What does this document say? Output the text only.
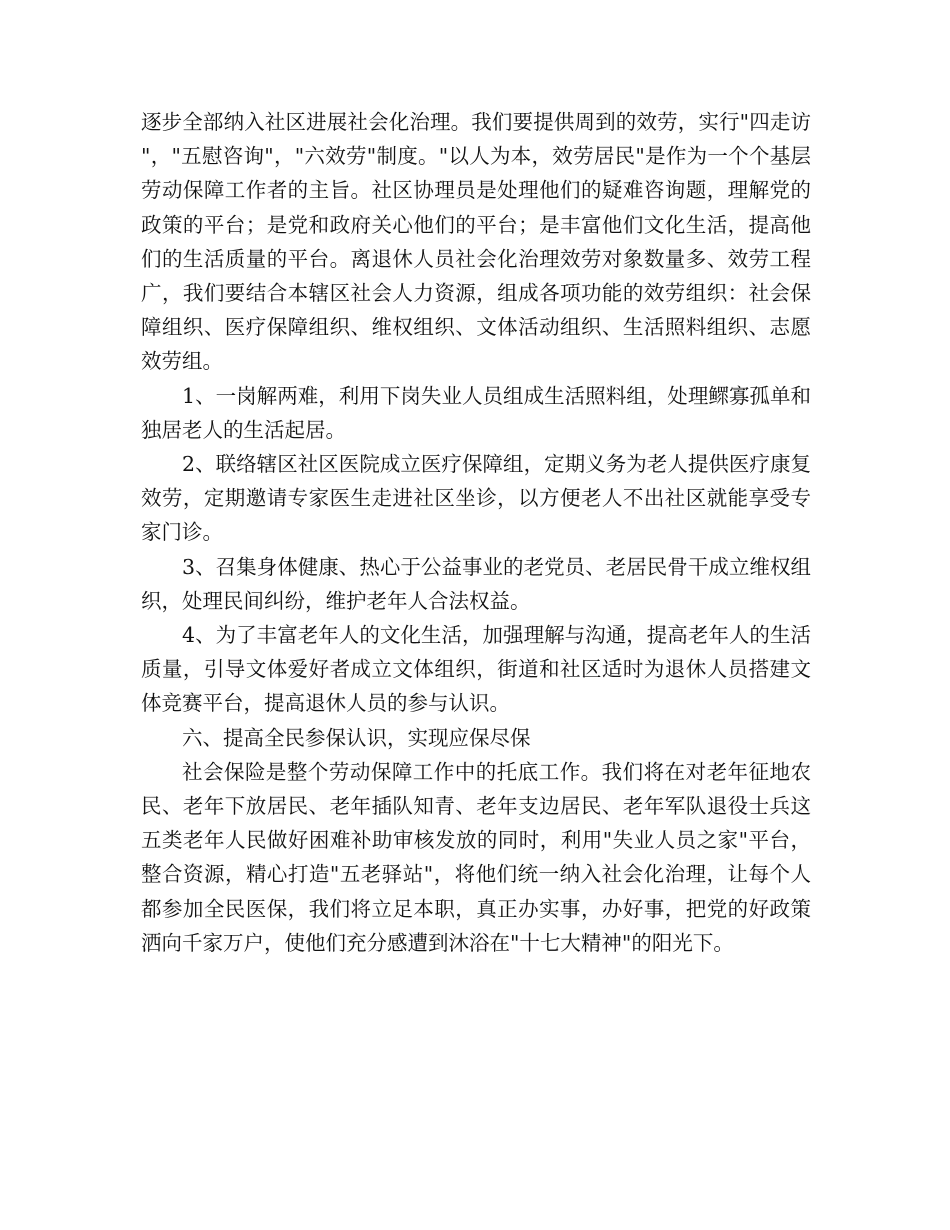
逐步全部纳入社区进展社会化治理。我们要提供周到的效劳，实行"四走访"，"五慰咨询"，"六效劳"制度。"以人为本，效劳居民"是作为一个个基层劳动保障工作者的主旨。社区协理员是处理他们的疑难咨询题，理解党的政策的平台；是党和政府关心他们的平台；是丰富他们文化生活，提高他们的生活质量的平台。离退休人员社会化治理效劳对象数量多、效劳工程广，我们要结合本辖区社会人力资源，组成各项功能的效劳组织：社会保障组织、医疗保障组织、维权组织、文体活动组织、生活照料组织、志愿效劳组。

1、一岗解两难，利用下岗失业人员组成生活照料组，处理鳏寡孤单和独居老人的生活起居。

2、联络辖区社区医院成立医疗保障组，定期义务为老人提供医疗康复效劳，定期邀请专家医生走进社区坐诊，以方便老人不出社区就能享受专家门诊。

3、召集身体健康、热心于公益事业的老党员、老居民骨干成立维权组织，处理民间纠纷，维护老年人合法权益。

4、为了丰富老年人的文化生活，加强理解与沟通，提高老年人的生活质量，引导文体爱好者成立文体组织，街道和社区适时为退休人员搭建文体竞赛平台，提高退休人员的参与认识。

六、提高全民参保认识，实现应保尽保

社会保险是整个劳动保障工作中的托底工作。我们将在对老年征地农民、老年下放居民、老年插队知青、老年支边居民、老年军队退役士兵这五类老年人民做好困难补助审核发放的同时，利用"失业人员之家"平台，整合资源，精心打造"五老驿站"，将他们统一纳入社会化治理，让每个人都参加全民医保，我们将立足本职，真正办实事，办好事，把党的好政策洒向千家万户，使他们充分感遭到沐浴在"十七大精神"的阳光下。
